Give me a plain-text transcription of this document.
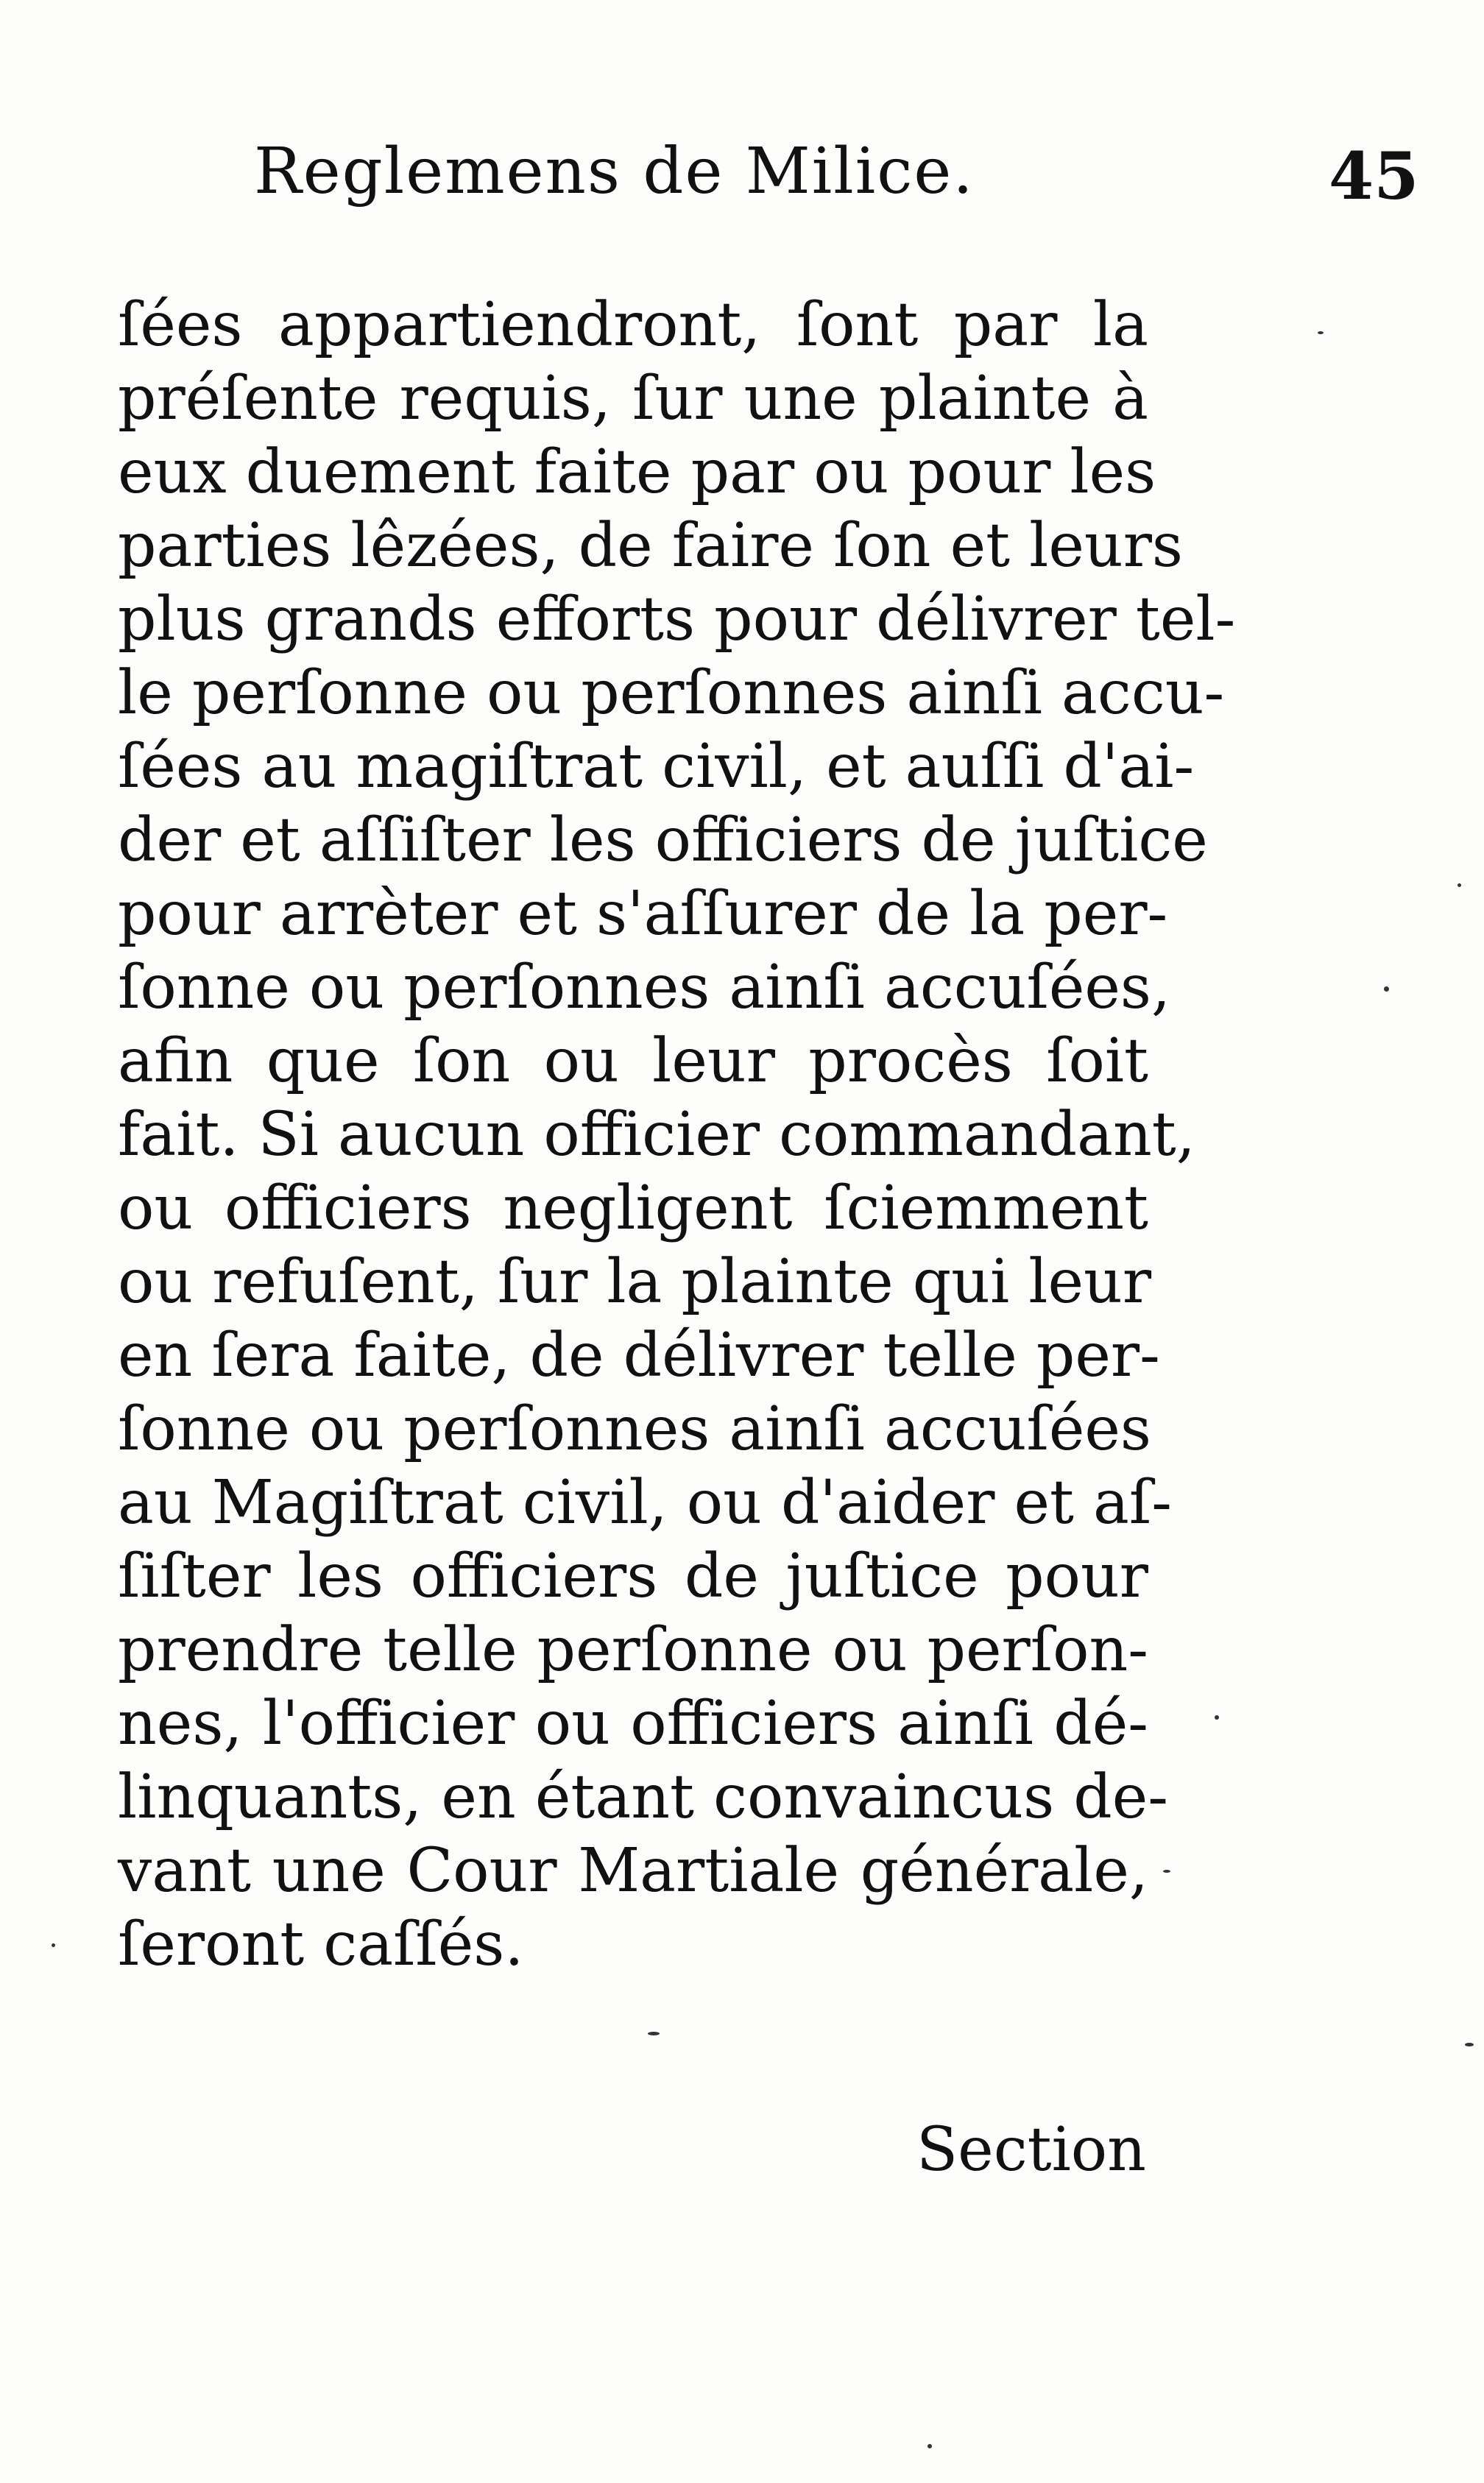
Reglemens de Milice.	45
ſées appartiendront, ſont par la
préſente requis, ſur une plainte à
eux duement faite par ou pour les
parties lêzées, de faire ſon et leurs
plus grands efforts pour délivrer tel-
le perſonne ou perſonnes ainſi accu-
ſées au magiſtrat civil, et auſſi d'ai-
der et aſſiſter les officiers de juſtice
pour arrèter et s'aſſurer de la per-
ſonne ou perſonnes ainſi accuſées,
afin que ſon ou leur procès ſoit
fait. Si aucun officier commandant,
ou officiers negligent ſciemment
ou refuſent, ſur la plainte qui leur
en ſera faite, de délivrer telle per-
ſonne ou perſonnes ainſi accuſées
au Magiſtrat civil, ou d'aider et aſ-
ſiſter les officiers de juſtice pour
prendre telle perſonne ou perſon-
nes, l'officier ou officiers ainſi dé-
linquants, en étant convaincus de-
vant une Cour Martiale générale,
ſeront caſſés.
Section
